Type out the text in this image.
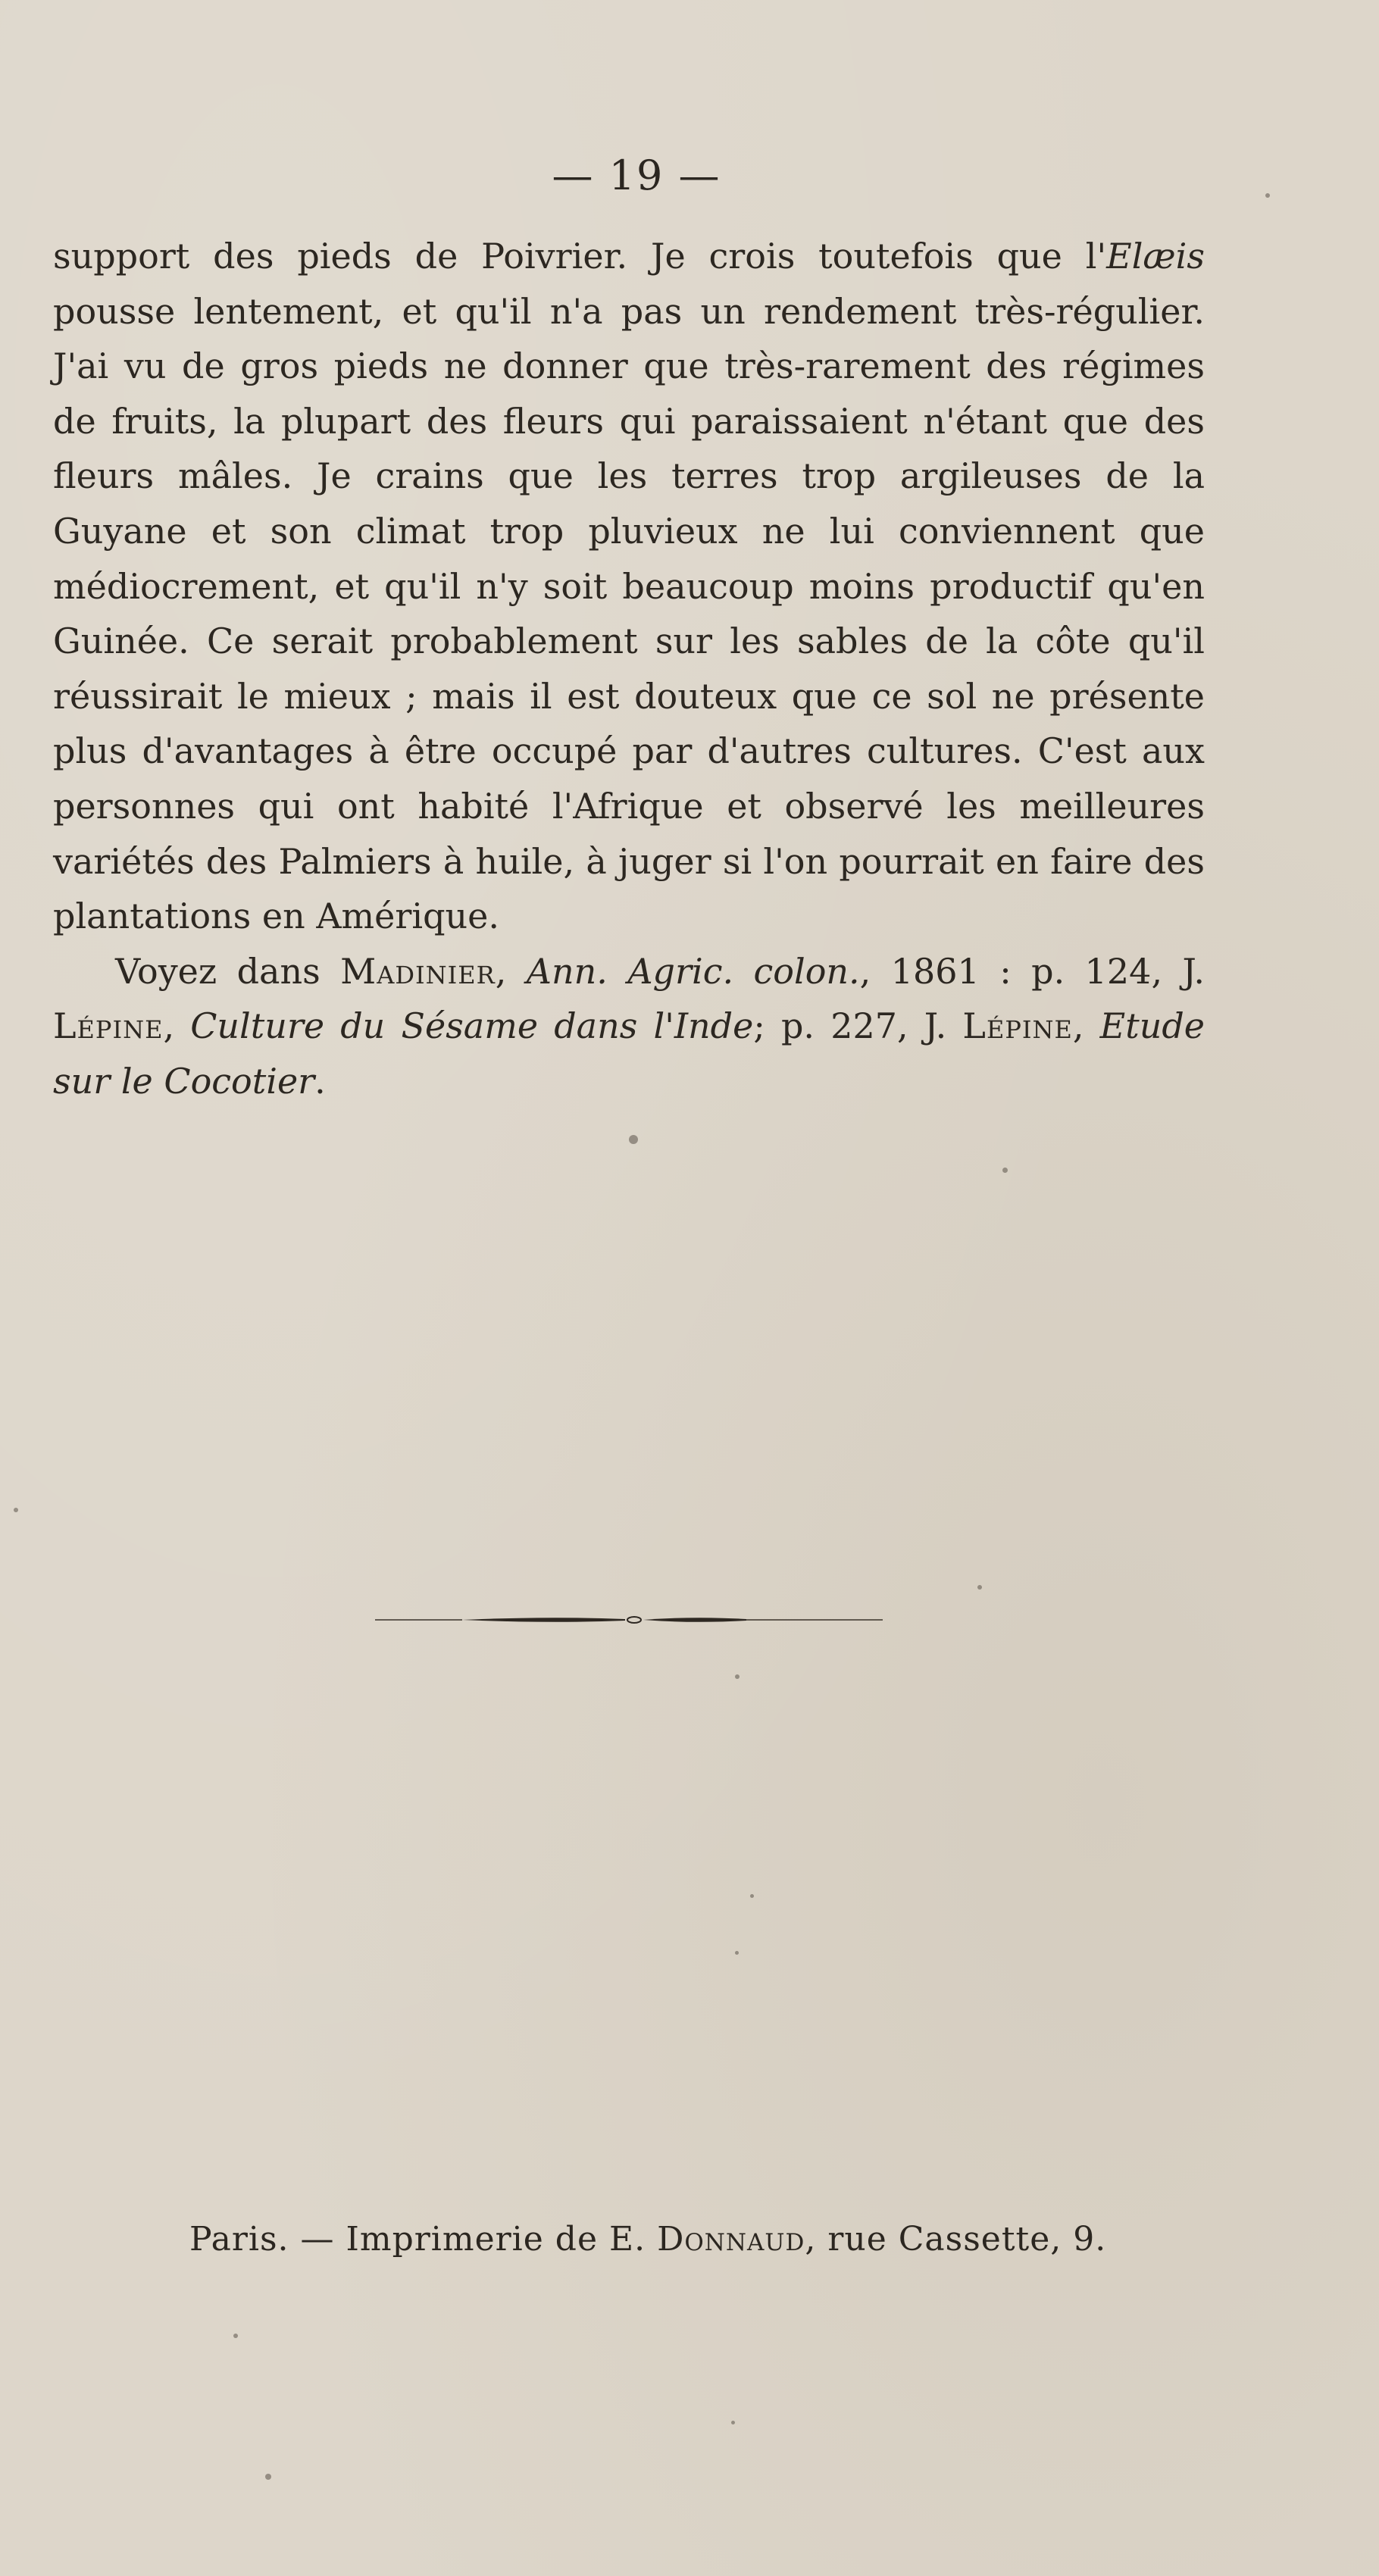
— 19 —

support des pieds de Poivrier. Je crois toutefois que l'Elæis pousse lentement, et qu'il n'a pas un rendement très-régulier. J'ai vu de gros pieds ne donner que très-rarement des régimes de fruits, la plupart des fleurs qui paraissaient n'étant que des fleurs mâles. Je crains que les terres trop argileuses de la Guyane et son climat trop pluvieux ne lui conviennent que médiocrement, et qu'il n'y soit beaucoup moins productif qu'en Guinée. Ce serait probablement sur les sables de la côte qu'il réussirait le mieux ; mais il est douteux que ce sol ne présente plus d'avantages à être occupé par d'autres cultures. C'est aux personnes qui ont habité l'Afrique et observé les meilleures variétés des Palmiers à huile, à juger si l'on pourrait en faire des plantations en Amérique.

Voyez dans Madinier, Ann. Agric. colon., 1861 : p. 124, J. Lépine, Culture du Sésame dans l'Inde; p. 227, J. Lépine, Etude sur le Cocotier.

Paris. — Imprimerie de E. Donnaud, rue Cassette, 9.
